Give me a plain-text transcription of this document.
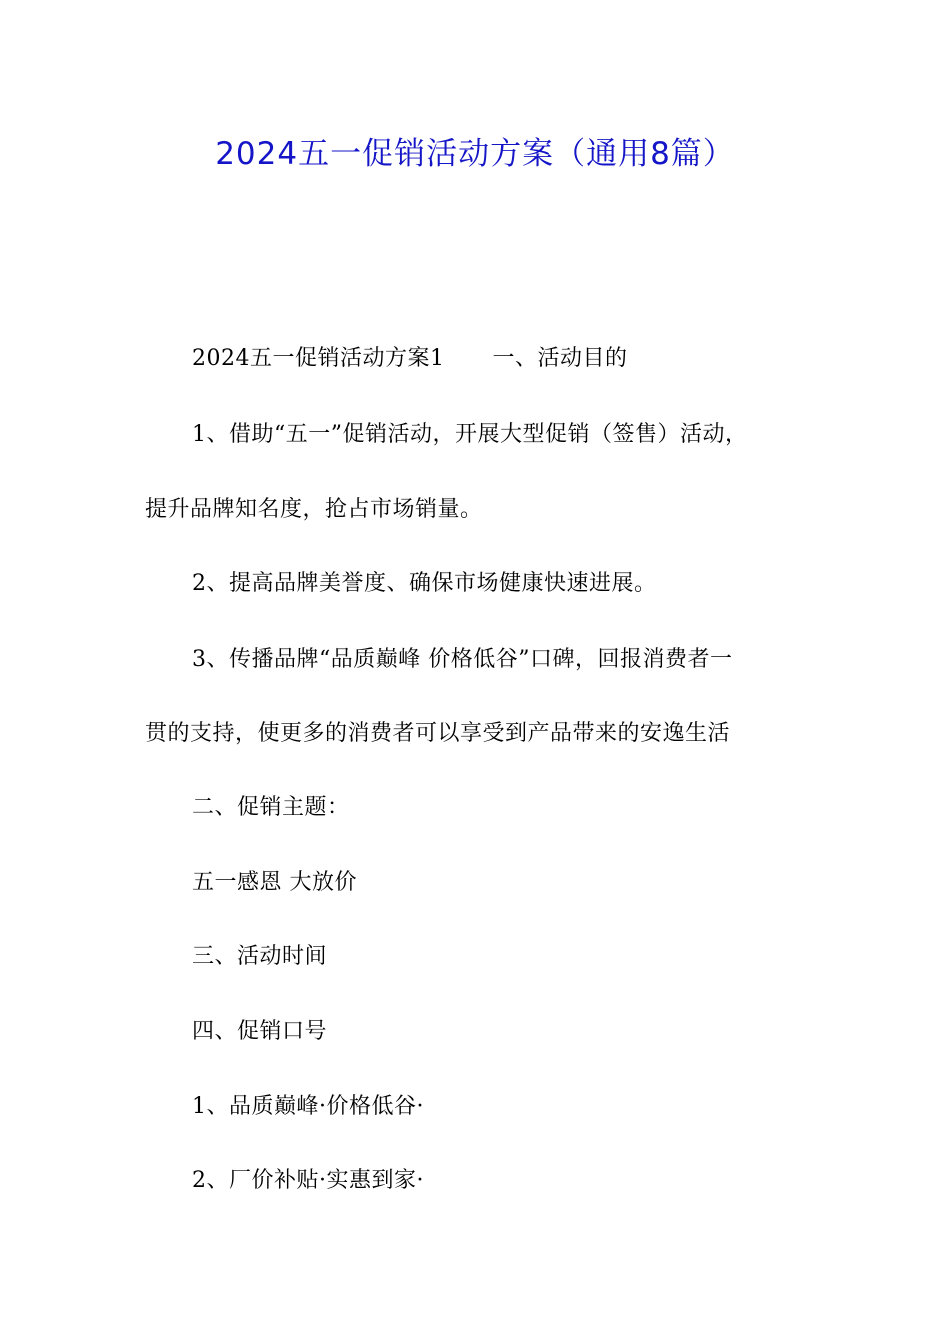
2024五一促销活动方案（通用8篇）
2024五一促销活动方案1 一、活动目的
1、借助“五一”促销活动，开展大型促销（签售）活动，
提升品牌知名度，抢占市场销量。
2、提高品牌美誉度、确保市场健康快速进展。
3、传播品牌“品质巅峰 价格低谷”口碑，回报消费者一
贯的支持，使更多的消费者可以享受到产品带来的安逸生活
二、促销主题：
五一感恩 大放价
三、活动时间
四、促销口号
1、品质巅峰·价格低谷·
2、厂价补贴·实惠到家·
